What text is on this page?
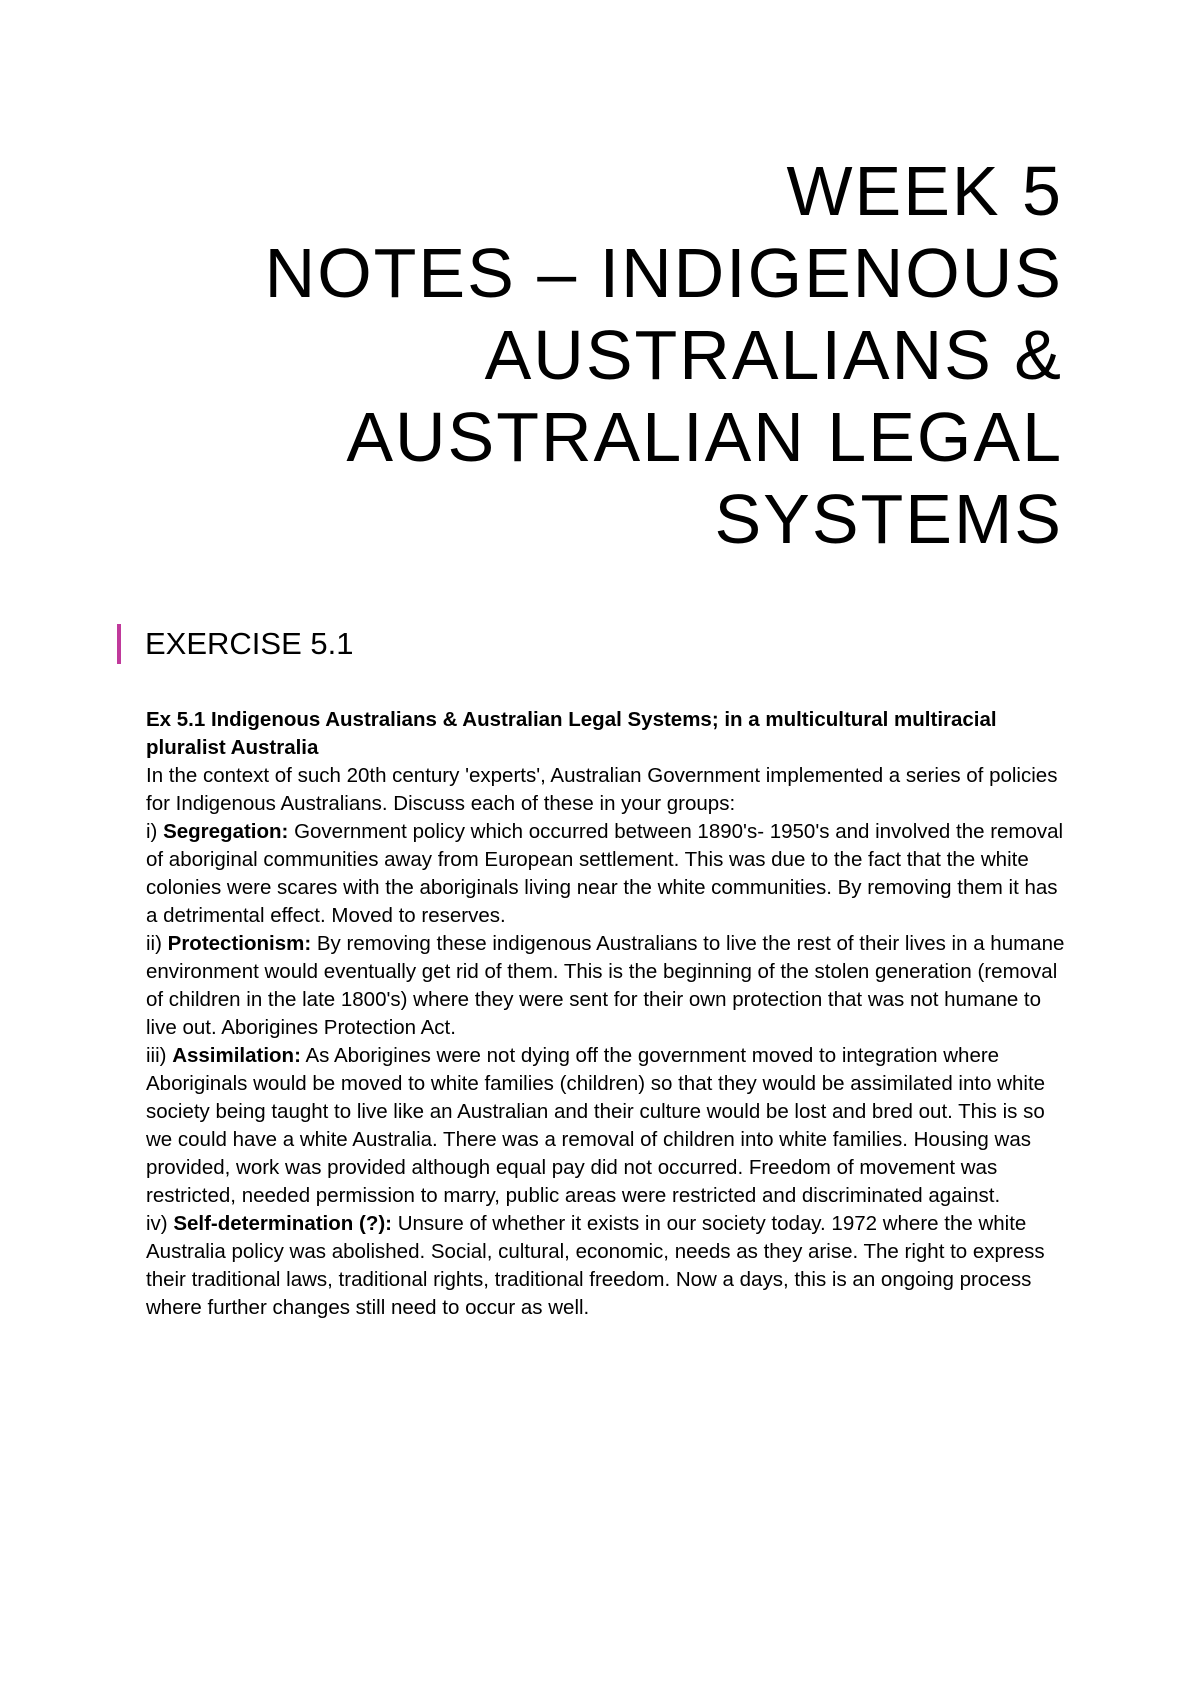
WEEK 5
NOTES – INDIGENOUS
AUSTRALIANS &
AUSTRALIAN LEGAL
SYSTEMS
EXERCISE 5.1

Ex 5.1 Indigenous Australians & Australian Legal Systems; in a multicultural multiracial pluralist Australia

In the context of such 20th century 'experts', Australian Government implemented a series of policies for Indigenous Australians. Discuss each of these in your groups:

i) Segregation: Government policy which occurred between 1890's- 1950's and involved the removal of aboriginal communities away from European settlement. This was due to the fact that the white colonies were scares with the aboriginals living near the white communities. By removing them it has a detrimental effect. Moved to reserves.

ii) Protectionism: By removing these indigenous Australians to live the rest of their lives in a humane environment would eventually get rid of them. This is the beginning of the stolen generation (removal of children in the late 1800's) where they were sent for their own protection that was not humane to live out. Aborigines Protection Act.

iii) Assimilation: As Aborigines were not dying off the government moved to integration where Aboriginals would be moved to white families (children) so that they would be assimilated into white society being taught to live like an Australian and their culture would be lost and bred out. This is so we could have a white Australia. There was a removal of children into white families. Housing was provided, work was provided although equal pay did not occurred. Freedom of movement was restricted, needed permission to marry, public areas were restricted and discriminated against.

iv) Self-determination (?): Unsure of whether it exists in our society today. 1972 where the white Australia policy was abolished. Social, cultural, economic, needs as they arise. The right to express their traditional laws, traditional rights, traditional freedom. Now a days, this is an ongoing process where further changes still need to occur as well.
